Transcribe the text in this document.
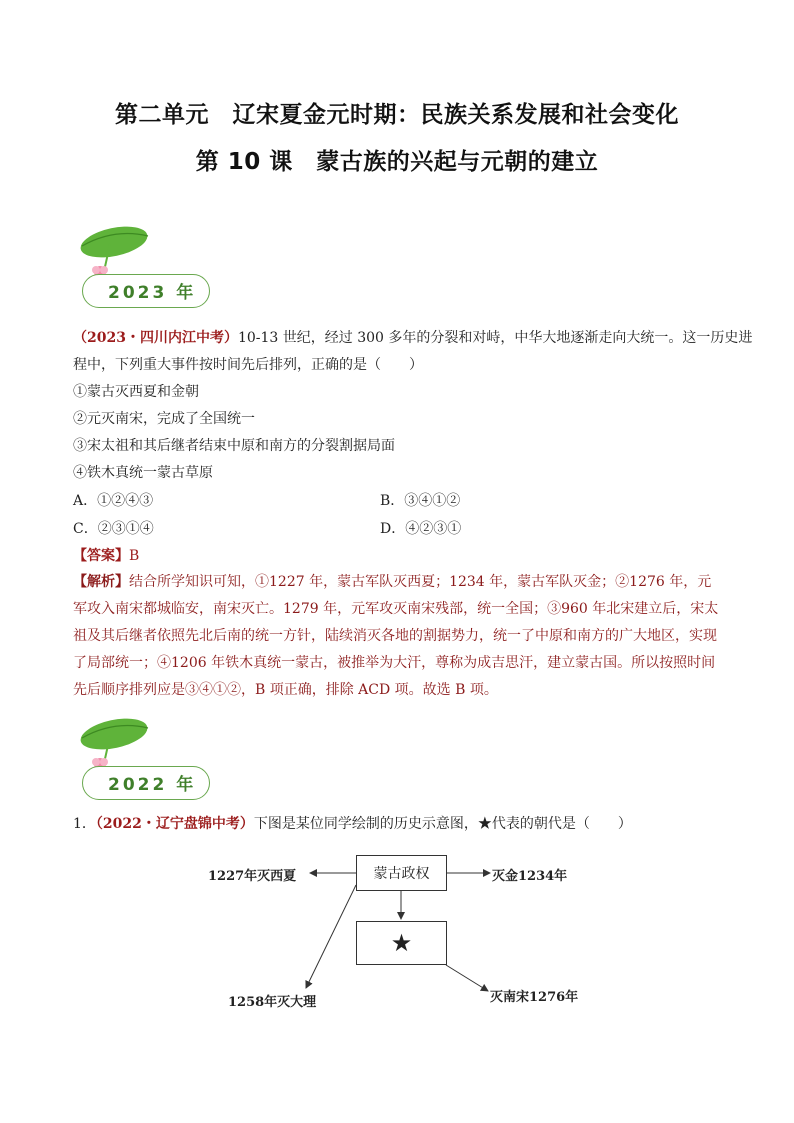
第二单元　辽宋夏金元时期：民族关系发展和社会变化
第 10 课　蒙古族的兴起与元朝的建立
2023 年
（2023・四川内江中考）10-13 世纪，经过 300 多年的分裂和对峙，中华大地逐渐走向大统一。这一历史进
程中，下列重大事件按时间先后排列，正确的是（　　）
①蒙古灭西夏和金朝
②元灭南宋，完成了全国统一
③宋太祖和其后继者结束中原和南方的分裂割据局面
④铁木真统一蒙古草原
A．①②④③	B．③④①②
C．②③①④	D．④②③①
【答案】B
【解析】结合所学知识可知，①1227 年，蒙古军队灭西夏；1234 年，蒙古军队灭金；②1276 年，元军攻入南宋都城临安，南宋灭亡。1279 年，元军攻灭南宋残部，统一全国；③960 年北宋建立后，宋太祖及其后继者依照先北后南的统一方针，陆续消灭各地的割据势力，统一了中原和南方的广大地区，实现了局部统一；④1206 年铁木真统一蒙古，被推举为大汗，尊称为成吉思汗，建立蒙古国。所以按照时间先后顺序排列应是③④①②，B 项正确，排除 ACD 项。故选 B 项。
2022 年
1．（2022・辽宁盘锦中考）下图是某位同学绘制的历史示意图，★代表的朝代是（　　）
蒙古政权
★
1227年灭西夏	灭金1234年
1258年灭大理	灭南宋1276年
